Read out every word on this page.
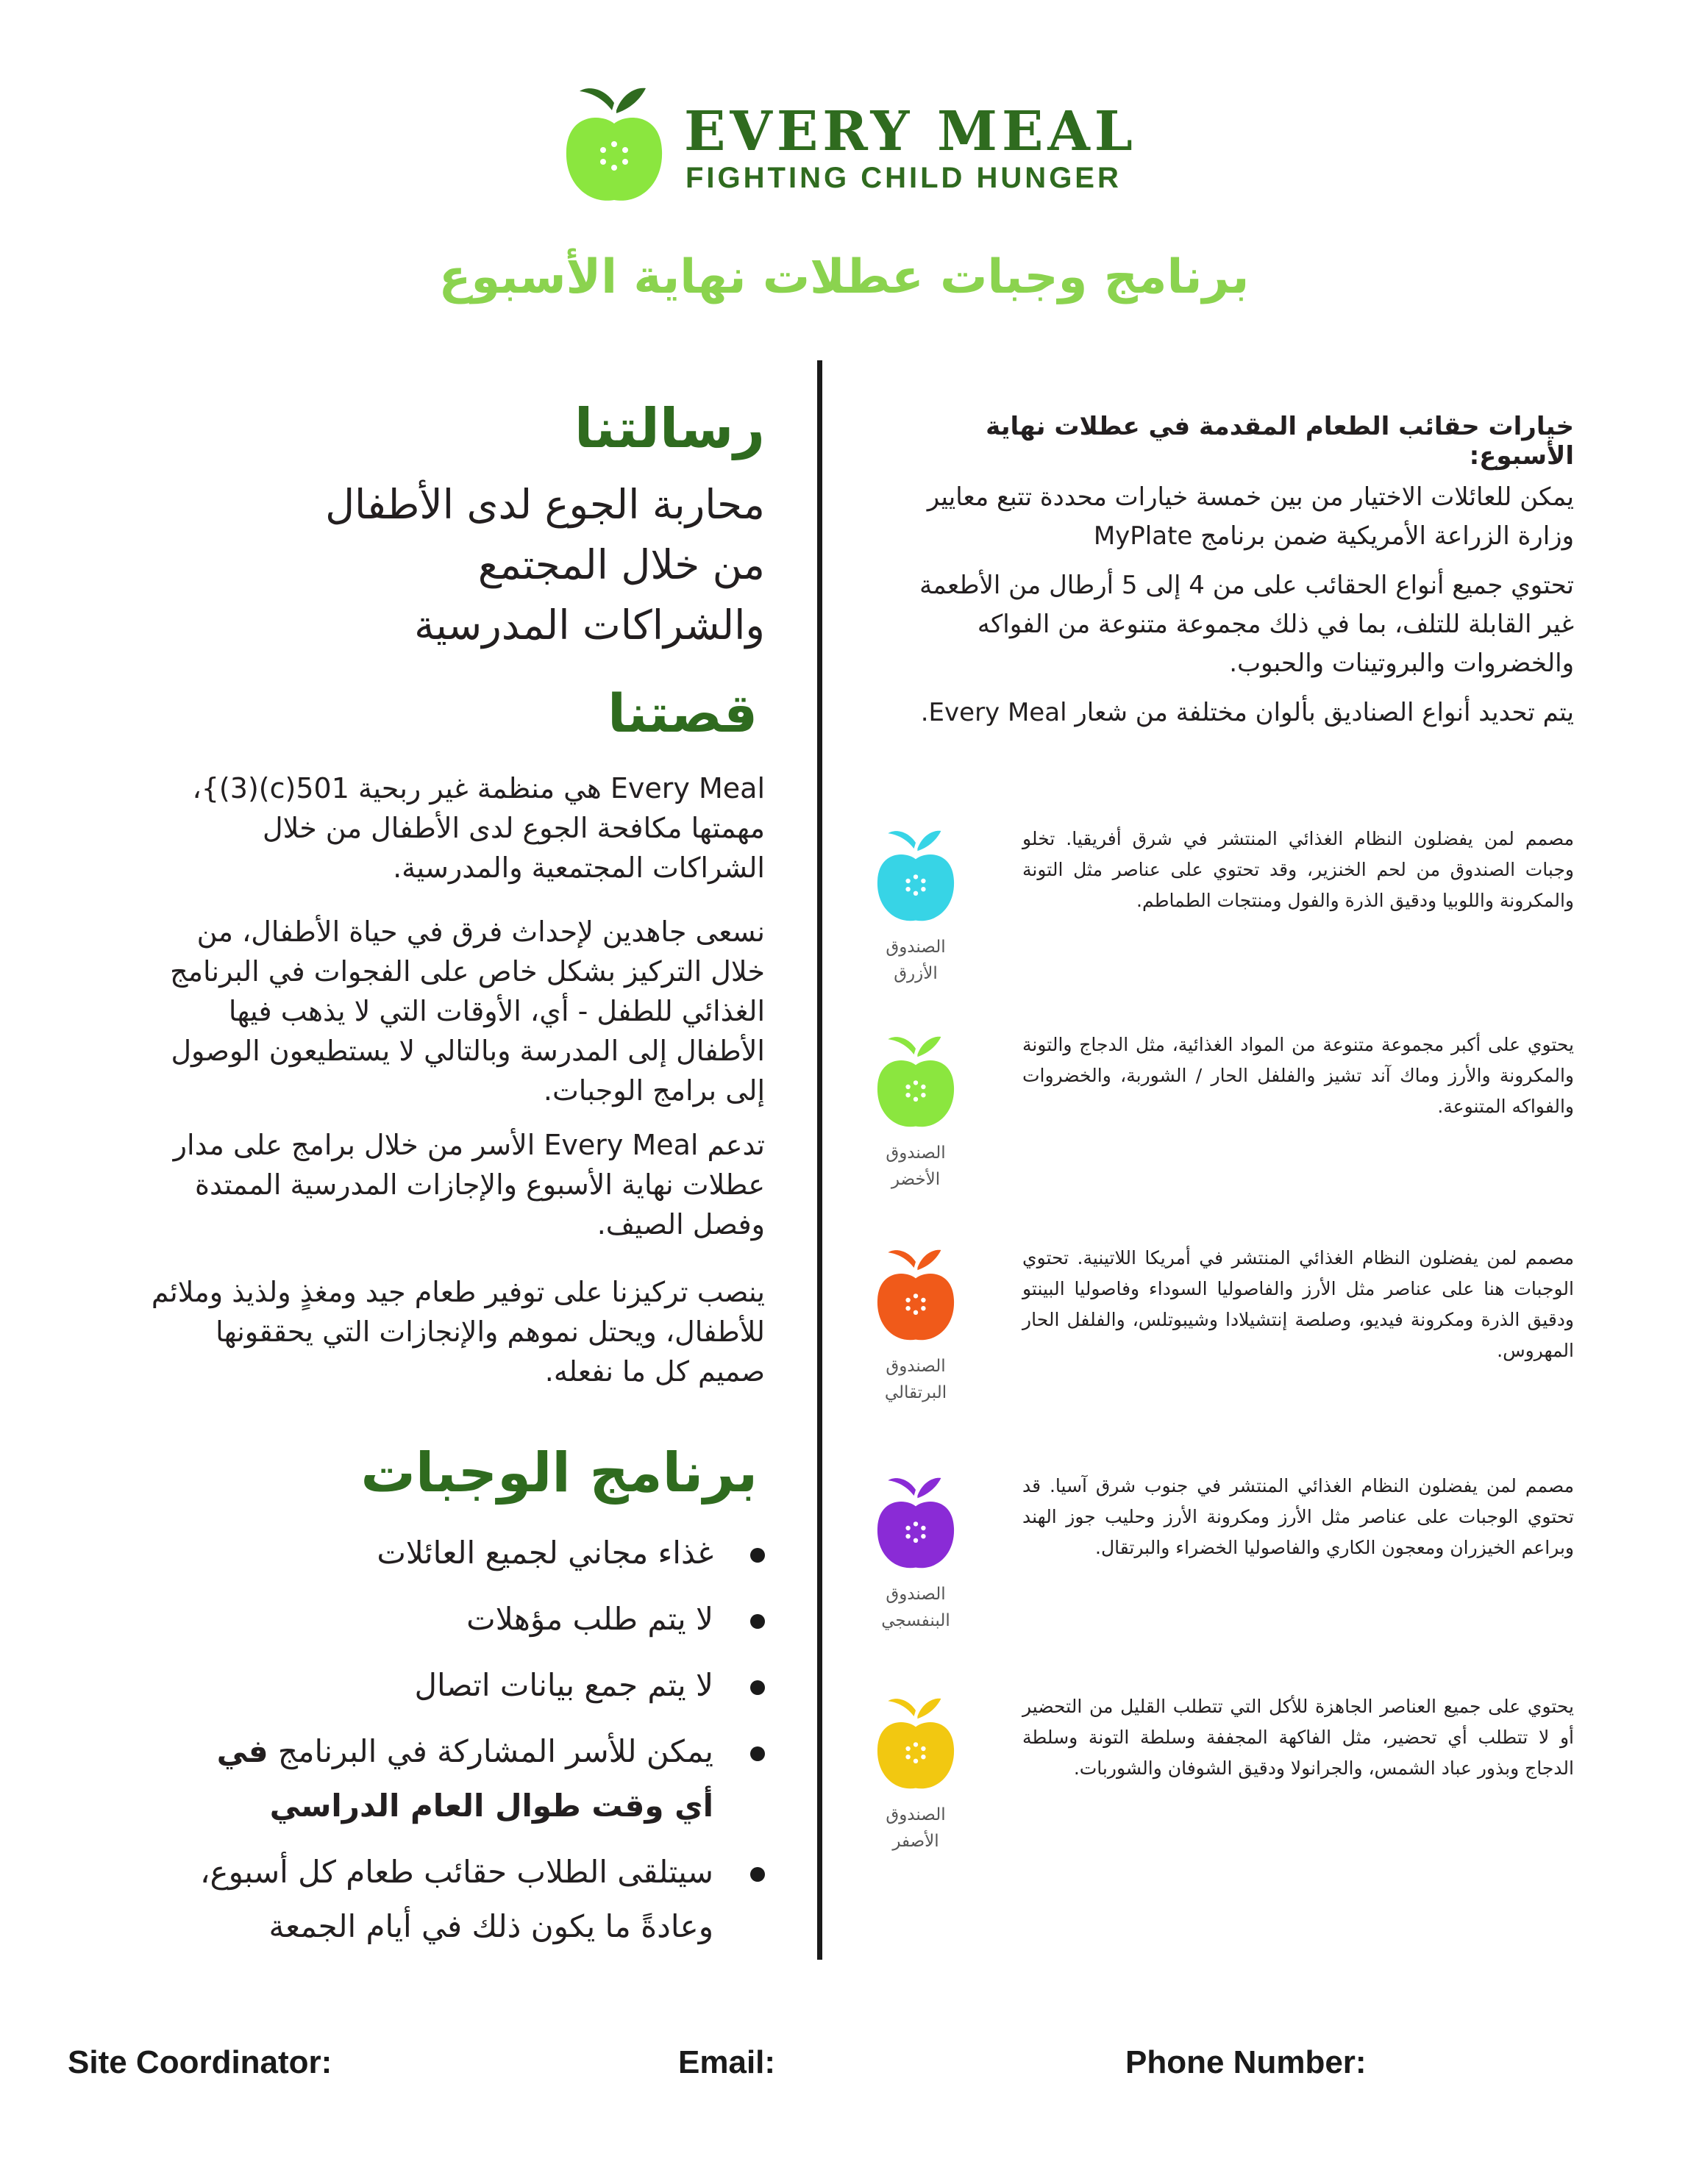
EVERY MEAL
FIGHTING CHILD HUNGER
برنامج وجبات عطلات نهاية الأسبوع
خيارات حقائب الطعام المقدمة في عطلات نهاية الأسبوع:

يمكن للعائلات الاختيار من بين خمسة خيارات محددة تتبع معايير وزارة الزراعة الأمريكية ضمن برنامج MyPlate

تحتوي جميع أنواع الحقائب على من 4 إلى 5 أرطال من الأطعمة غير القابلة للتلف، بما في ذلك مجموعة متنوعة من الفواكه والخضروات والبروتينات والحبوب.

يتم تحديد أنواع الصناديق بألوان مختلفة من شعار Every Meal.

مصمم لمن يفضلون النظام الغذائي المنتشر في شرق أفريقيا. تخلو وجبات الصندوق من لحم الخنزير، وقد تحتوي على عناصر مثل التونة والمكرونة واللوبيا ودقيق الذرة والفول ومنتجات الطماطم.
الصندوق الأزرق
يحتوي على أكبر مجموعة متنوعة من المواد الغذائية، مثل الدجاج والتونة والمكرونة والأرز وماك آند تشيز والفلفل الحار / الشوربة، والخضروات والفواكه المتنوعة.
الصندوق الأخضر
مصمم لمن يفضلون النظام الغذائي المنتشر في أمريكا اللاتينية. تحتوي الوجبات هنا على عناصر مثل الأرز والفاصوليا السوداء وفاصوليا البينتو ودقيق الذرة ومكرونة فيديو، وصلصة إنتشيلادا وشيبوتلس، والفلفل الحار المهروس.
الصندوق البرتقالي
مصمم لمن يفضلون النظام الغذائي المنتشر في جنوب شرق آسيا. قد تحتوي الوجبات على عناصر مثل الأرز ومكرونة الأرز وحليب جوز الهند وبراعم الخيزران ومعجون الكاري والفاصوليا الخضراء والبرتقال.
الصندوق البنفسجي
يحتوي على جميع العناصر الجاهزة للأكل التي تتطلب القليل من التحضير أو لا تتطلب أي تحضير، مثل الفاكهة المجففة وسلطة التونة وسلطة الدجاج وبذور عباد الشمس، والجرانولا ودقيق الشوفان والشوربات.
الصندوق الأصفر
رسالتنا
محاربة الجوع لدى الأطفال
من خلال المجتمع
والشراكات المدرسية
قصتنا

Every Meal هي منظمة غير ربحية 501(c)(3)}، مهمتها مكافحة الجوع لدى الأطفال من خلال الشراكات المجتمعية والمدرسية.

نسعى جاهدين لإحداث فرق في حياة الأطفال، من خلال التركيز بشكل خاص على الفجوات في البرنامج الغذائي للطفل - أي، الأوقات التي لا يذهب فيها الأطفال إلى المدرسة وبالتالي لا يستطيعون الوصول إلى برامج الوجبات.

تدعم Every Meal الأسر من خلال برامج على مدار عطلات نهاية الأسبوع والإجازات المدرسية الممتدة وفصل الصيف.

ينصب تركيزنا على توفير طعام جيد ومغذٍ ولذيذ وملائم للأطفال، ويحتل نموهم والإنجازات التي يحققونها صميم كل ما نفعله.

برنامج الوجبات
غذاء مجاني لجميع العائلات
لا يتم طلب مؤهلات
لا يتم جمع بيانات اتصال
يمكن للأسر المشاركة في البرنامج في أي وقت طوال العام الدراسي
سيتلقى الطلاب حقائب طعام كل أسبوع، وعادةً ما يكون ذلك في أيام الجمعة
Site Coordinator:	Email:	Phone Number:
